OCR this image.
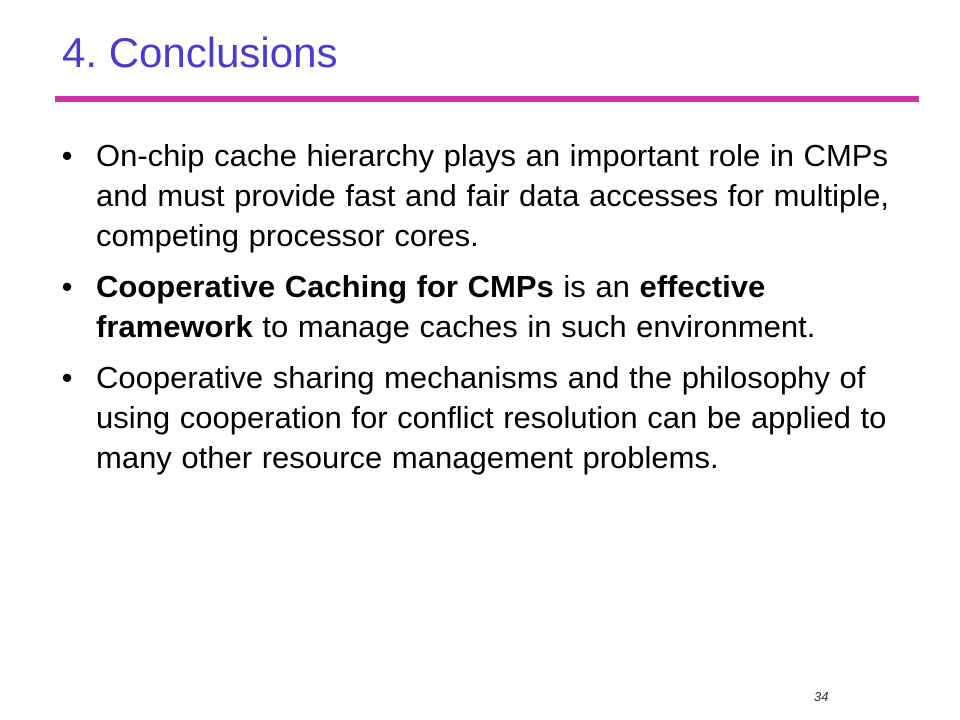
4. Conclusions
• On-chip cache hierarchy plays an important role in CMPs and must provide fast and fair data accesses for multiple, competing processor cores.
• Cooperative Caching for CMPs is an effective framework to manage caches in such environment.
• Cooperative sharing mechanisms and the philosophy of using cooperation for conflict resolution can be applied to many other resource management problems.
34
